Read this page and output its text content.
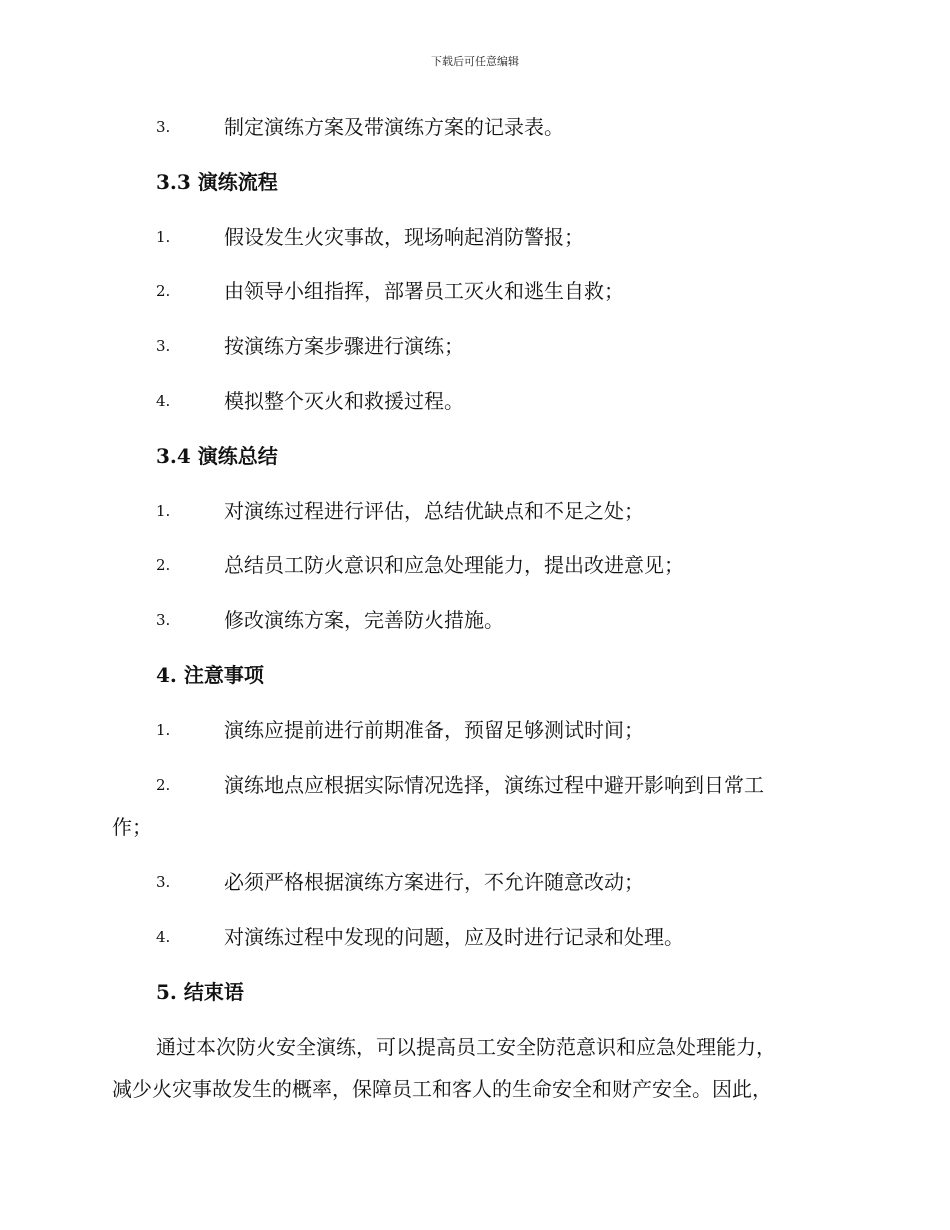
下载后可任意编辑
3.	制定演练方案及带演练方案的记录表。
3.3 演练流程
1.	假设发生火灾事故，现场响起消防警报；
2.	由领导小组指挥，部署员工灭火和逃生自救；
3.	按演练方案步骤进行演练；
4.	模拟整个灭火和救援过程。
3.4 演练总结
1.	对演练过程进行评估，总结优缺点和不足之处；
2.	总结员工防火意识和应急处理能力，提出改进意见；
3.	修改演练方案，完善防火措施。
4. 注意事项
1.	演练应提前进行前期准备，预留足够测试时间；
2.	演练地点应根据实际情况选择，演练过程中避开影响到日常工
作；
3.	必须严格根据演练方案进行，不允许随意改动；
4.	对演练过程中发现的问题，应及时进行记录和处理。
5. 结束语
通过本次防火安全演练，可以提高员工安全防范意识和应急处理能力，
减少火灾事故发生的概率，保障员工和客人的生命安全和财产安全。因此，
